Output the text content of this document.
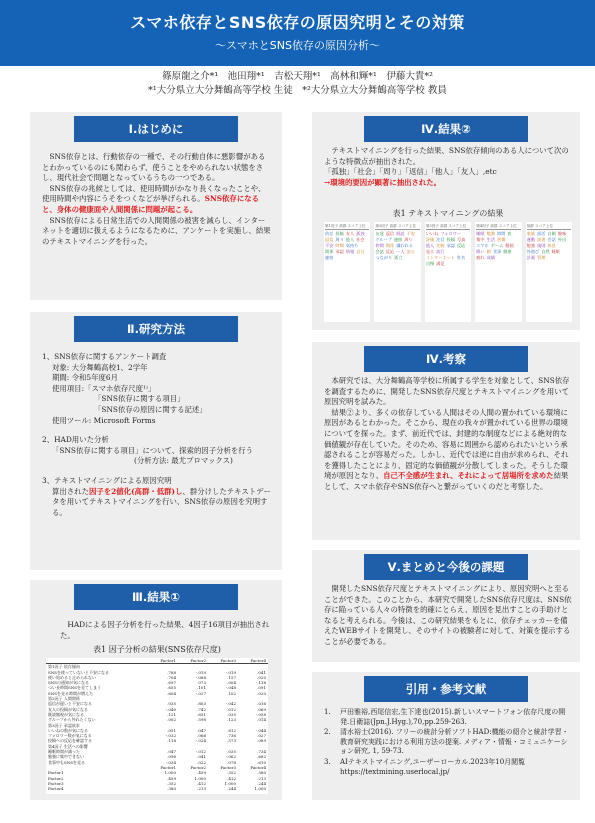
スマホ依存とSNS依存の原因究明とその対策
～スマホとSNS依存の原因分析～
篠原龍之介*¹　池田翔*¹　吉松天翔*¹　高林和輝*¹　伊藤大貴*²
*¹大分県立大分舞鶴高等学校 生徒　*²大分県立大分舞鶴高等学校 教員
Ⅰ.はじめに

SNS依存とは、行動依存の一種で、その行動自体に悪影響があるとわかっているのにも関わらず、使うことをやめられない状態をさし、現代社会で問題となっているうちの一つである。

SNS依存の兆候としては、使用時間がかなり長くなったことや、使用時間や内容にうそをつくなどが挙げられる。SNS依存になると、身体の健康面や人間関係に問題が起こる。

SNS依存による日常生活での人間関係の被害を減らし、インターネットを適切に扱えるようになるために、アンケートを実施し、結果のテキストマイニングを行った。

Ⅱ.研究方法

1、SNS依存に関するアンケート調査

対象: 大分舞鶴高校1、2学年

期間: 令和5年度6月

使用項目:「スマホ依存尺度¹⁾」

「SNS依存に関する項目」

「SNS依存の原因に関する記述」

使用ツール: Microsoft Forms

2、HAD用いた分析

「SNS依存に関する項目」について、探索的因子分析を行う

(分析方法: 最尤プロマックス)

3、テキストマイニングによる原因究明

算出された因子を2値化(高群・低群)し、群分けしたテキストデータを用いてテキストマイニングを行い、SNS依存の原因を究明する。

Ⅲ.結果①
HADによる因子分析を行った結果、4因子16項目が抽出された。
表1 因子分析の結果(SNS依存尺度)
	Factor1	Factor2	Factor3	Factor4
第1因子 依存傾向				
SNSを使っていないと不安になる	.788	-.019	-.019	.041
使い始めると止められない	.704	-.088	.157	.020
SNSの通知が気になる	.697	.073	.004	-.118
つい長時間SNSを見てしまう	.655	.101	-.048	.091
SNSを見る時間が増えた	.604	-.027	.102	.020
第2因子 人間関係				
返信が遅いと不安になる	.035	.803	-.042	.016
友人の投稿が気になる	-.040	.742	.012	.069
既読無視が気になる	.121	.651	.035	-.058
グループから外れたくない	.002	.598	.123	.014
第3因子 承認欲求				
いいねの数が気になる	.051	.047	.812	-.044
フォロワー数が気になる	-.032	.066	.736	.027
投稿への反応を確認する	.118	-.024	.573	.089
第4因子 生活への影響				
睡眠時間が減った	.047	-.012	.035	.734
勉強に集中できない	.096	.041	-.062	.682
食事中もSNSを見る	-.034	.022	.078	.610

	Factor1	Factor2	Factor3	Factor4
Factor1	1.000	.459	.352	.380
Factor2	.459	1.000	.412	.213
Factor3	.352	.412	1.000	.244
Factor4	.380	.213	.244	1.000
Ⅳ.結果②

テキストマイニングを行った結果、SNS依存傾向のある人について次のような特徴点が抽出された。

「孤独」「社会」「周り」「返信」「他人」「友人」,etc

→環境的要因が顕著に抽出された。

表1 テキストマイニングの結果
第1因子 高群 スコア上位
依存 投稿 友人 孤独返信 周り 他人 社会不安 時間 気持ち関係 承認 情報 自分連絡
第2因子 高群 スコア上位
友達 返信 既読 不安グループ 連絡 周り仲間 関係 嫌われる会話 反応 一人 安心つながり 孤立
第3因子 高群 スコア上位
いいね フォロワー評価 注目 投稿 写真他人 比較 承認 反応見る 流行インターネット 有名自慢 満足
第4因子 高群 スコア上位
睡眠 勉強 時間 夜集中 生活 習慣スマホ ゲーム 動画眠い 朝 食事 健康疲れ 成績
低群 スコア上位
家族 部活 自制 趣味運動 読書 会話 外出勉強 規則 休息外遊び 自然 睡眠計画 管理
Ⅳ.考察

本研究では、大分舞鶴高等学校に所属する学生を対象として、SNS依存を調査するために、開発したSNS依存尺度とテキストマイニングを用いて原因究明を試みた。

結果②より、多くの依存している人間はその人間の置かれている環境に原因があるとわかった。そこから、現在の我々が置かれている世界の環境についてを探った。まず、前近代では、封建的な制度などによる絶対的な価値観が存在していた。そのため、容易に周囲から認められたいという承認されることが容易だった。しかし、近代では逆に自由が求められ、それを獲得したことにより、固定的な価値観が分散してしまった。そうした環境が原因となり、自己不全感が生まれ、それによって居場所を求めた結果として、スマホ依存やSNS依存へと繋がっていくのだと考察した。

Ⅴ.まとめと今後の課題
開発したSNS依存尺度とテキストマイニングにより、原因究明へと至ることができた。このことから、本研究で開発したSNS依存尺度は、SNS依存に陥っている人々の特徴を的確にとらえ、原因を見出すことの手助けとなると考えられる。今後は、この研究結果をもとに、依存チェッカーを備えたWEBサイトを開発し、そのサイトの被験者に対して、対策を提示することが必要である。
引用・参考文献
1.	戸田雅裕,西尾信宏,生下達也(2015).新しいスマートフォン依存尺度の開発.日衛誌(Jpn.J.Hyg.),70,pp.259-263.
2.	清水裕士(2016). フリーの統計分析ソフトHAD:機能の紹介と統計学習・教育研究実践における利用方法の提案. メディア・情報・コミュニケーション研究, 1, 59-73.
3.	AIテキストマイニング,ユーザーローカル.2023年10月閲覧 https://textmining.userlocal.jp/
